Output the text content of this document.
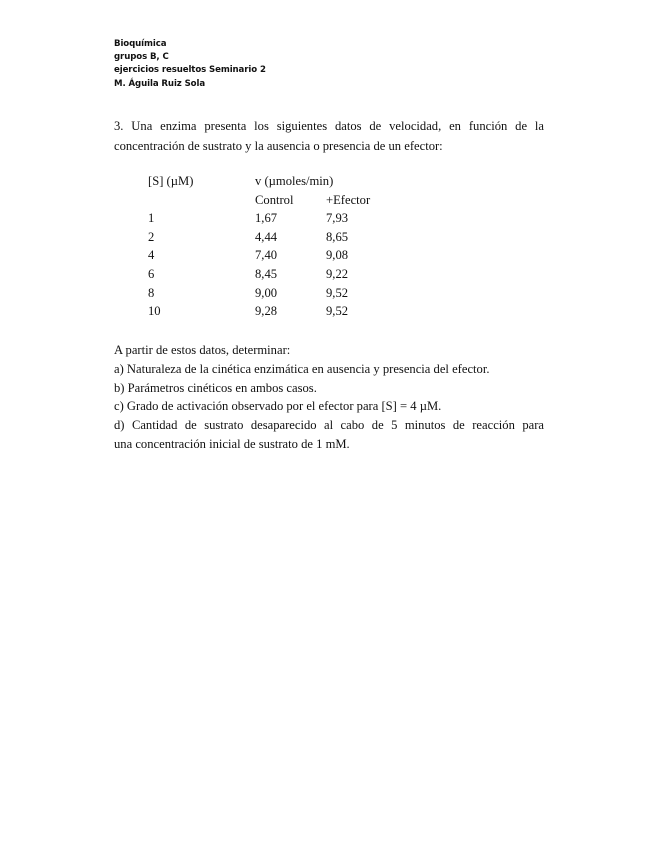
Bioquímica
grupos B, C
ejercicios resueltos Seminario 2
M. Águila Ruiz Sola
3. Una enzima presenta los siguientes datos de velocidad, en función de la
concentración de sustrato y la ausencia o presencia de un efector:
[S] (µM)	v (µmoles/min)	
	Control	+Efector
1	1,67	7,93
2	4,44	8,65
4	7,40	9,08
6	8,45	9,22
8	9,00	9,52
10	9,28	9,52
A partir de estos datos, determinar:
a) Naturaleza de la cinética enzimática en ausencia y presencia del efector.
b) Parámetros cinéticos en ambos casos.
c) Grado de activación observado por el efector para [S] = 4 µM.
d) Cantidad de sustrato desaparecido al cabo de 5 minutos de reacción para
una concentración inicial de sustrato de 1 mM.
